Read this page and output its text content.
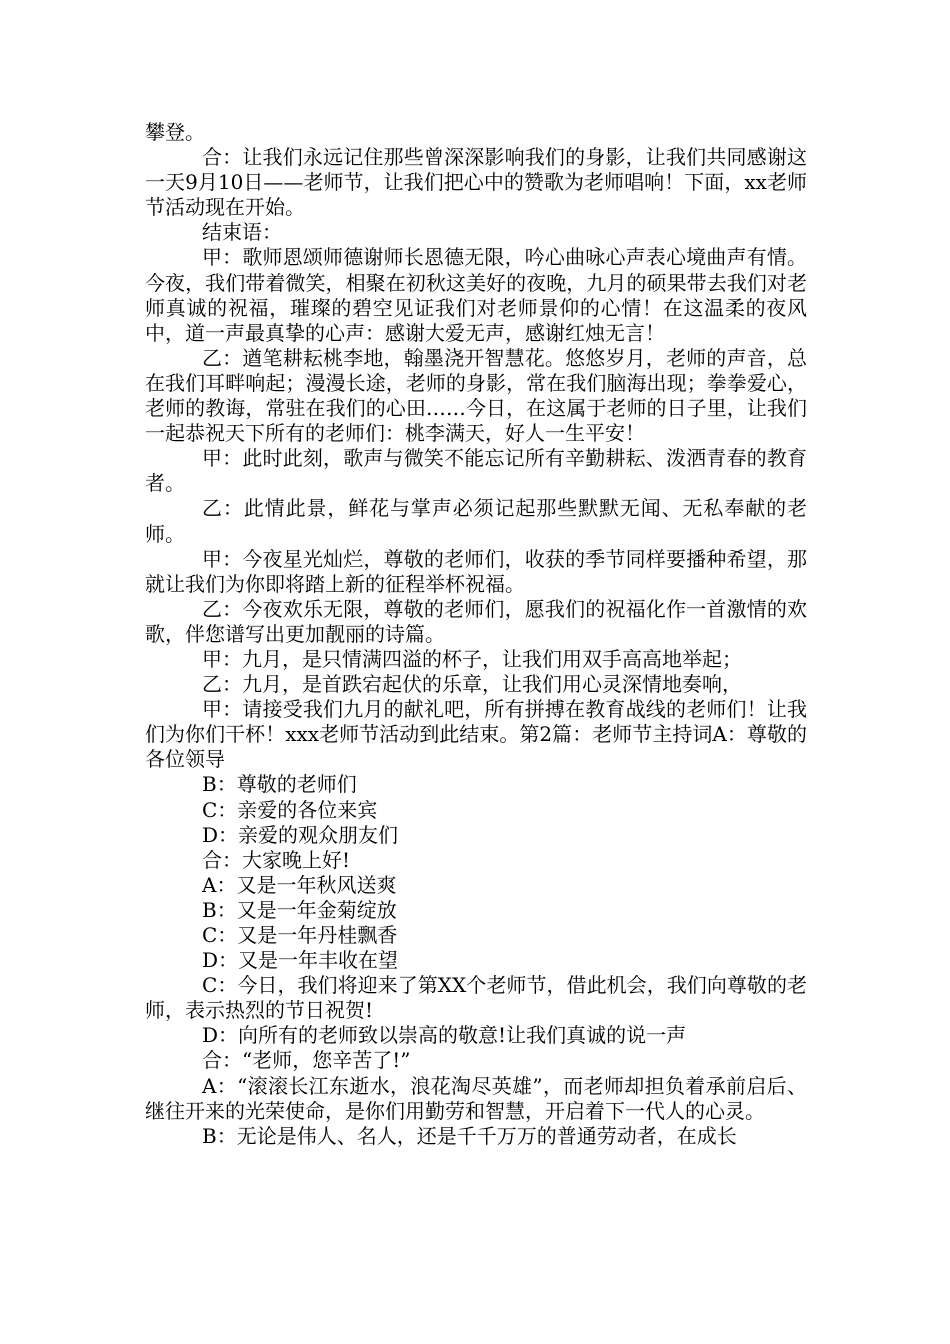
攀登。

合：让我们永远记住那些曾深深影响我们的身影，让我们共同感谢这一天9月10日——老师节，让我们把心中的赞歌为老师唱响！下面，xx老师节活动现在开始。

结束语：

甲：歌师恩颂师德谢师长恩德无限，吟心曲咏心声表心境曲声有情。今夜，我们带着微笑，相聚在初秋这美好的夜晚，九月的硕果带去我们对老师真诚的祝福，璀璨的碧空见证我们对老师景仰的心情！在这温柔的夜风中，道一声最真挚的心声：感谢大爱无声，感谢红烛无言！

乙：遒笔耕耘桃李地，翰墨浇开智慧花。悠悠岁月，老师的声音，总在我们耳畔响起；漫漫长途，老师的身影，常在我们脑海出现；拳拳爱心，老师的教诲，常驻在我们的心田……今日，在这属于老师的日子里，让我们一起恭祝天下所有的老师们：桃李满天，好人一生平安！

甲：此时此刻，歌声与微笑不能忘记所有辛勤耕耘、泼洒青春的教育者。

乙：此情此景，鲜花与掌声必须记起那些默默无闻、无私奉献的老师。

甲：今夜星光灿烂，尊敬的老师们，收获的季节同样要播种希望，那就让我们为你即将踏上新的征程举杯祝福。

乙：今夜欢乐无限，尊敬的老师们，愿我们的祝福化作一首激情的欢歌，伴您谱写出更加靓丽的诗篇。

甲：九月，是只情满四溢的杯子，让我们用双手高高地举起；

乙：九月，是首跌宕起伏的乐章，让我们用心灵深情地奏响，

甲：请接受我们九月的献礼吧，所有拼搏在教育战线的老师们！让我们为你们干杯！xxx老师节活动到此结束。第2篇：老师节主持词A：尊敬的各位领导

B：尊敬的老师们

C：亲爱的各位来宾

D：亲爱的观众朋友们

合：大家晚上好!

A：又是一年秋风送爽

B：又是一年金菊绽放

C：又是一年丹桂飘香

D：又是一年丰收在望

C：今日，我们将迎来了第XX个老师节，借此机会，我们向尊敬的老师，表示热烈的节日祝贺!

D：向所有的老师致以崇高的敬意!让我们真诚的说一声

合：“老师，您辛苦了!”

A：“滚滚长江东逝水，浪花淘尽英雄”，而老师却担负着承前启后、继往开来的光荣使命，是你们用勤劳和智慧，开启着下一代人的心灵。

B：无论是伟人、名人，还是千千万万的普通劳动者，在成长
